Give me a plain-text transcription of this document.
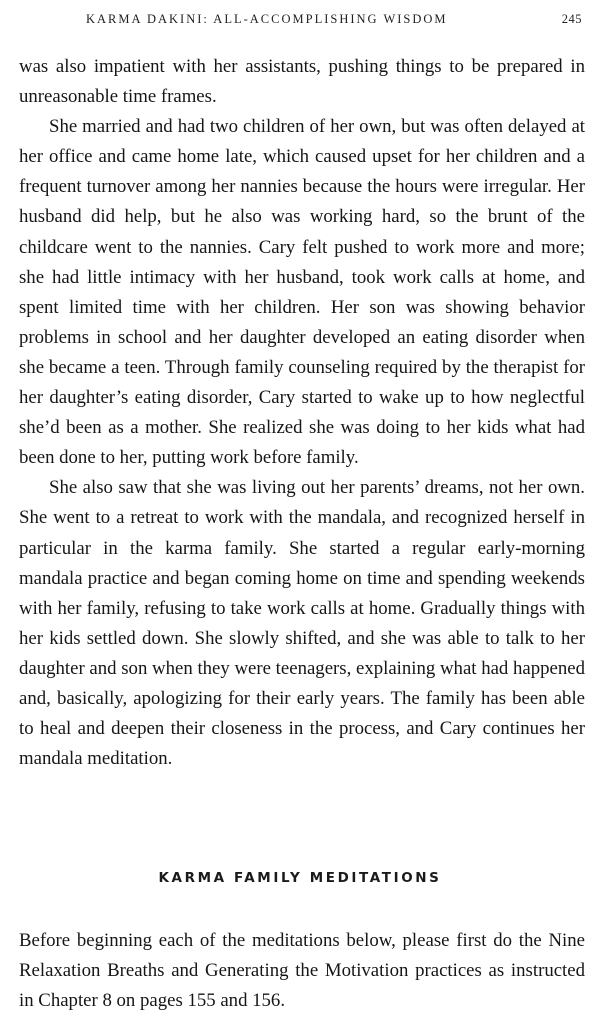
KARMA DAKINI: ALL-ACCOMPLISHING WISDOM	245

was also impatient with her assistants, pushing things to be prepared in unreasonable time frames.

She married and had two children of her own, but was often delayed at her office and came home late, which caused upset for her children and a frequent turnover among her nannies because the hours were irregular. Her husband did help, but he also was working hard, so the brunt of the childcare went to the nannies. Cary felt pushed to work more and more; she had little intimacy with her husband, took work calls at home, and spent limited time with her children. Her son was showing behavior problems in school and her daughter developed an eating disorder when she became a teen. Through family counseling required by the therapist for her daughter’s eating disorder, Cary started to wake up to how neglectful she’d been as a mother. She realized she was doing to her kids what had been done to her, putting work before family.

She also saw that she was living out her parents’ dreams, not her own. She went to a retreat to work with the mandala, and recognized herself in particular in the karma family. She started a regular early-morning mandala practice and began coming home on time and spending weekends with her family, refusing to take work calls at home. Gradually things with her kids settled down. She slowly shifted, and she was able to talk to her daughter and son when they were teenagers, explaining what had happened and, basically, apologizing for their early years. The family has been able to heal and deepen their closeness in the process, and Cary continues her mandala meditation.

KARMA FAMILY MEDITATIONS

Before beginning each of the meditations below, please first do the Nine Relaxation Breaths and Generating the Motivation practices as instructed in Chapter 8 on pages 155 and 156.
